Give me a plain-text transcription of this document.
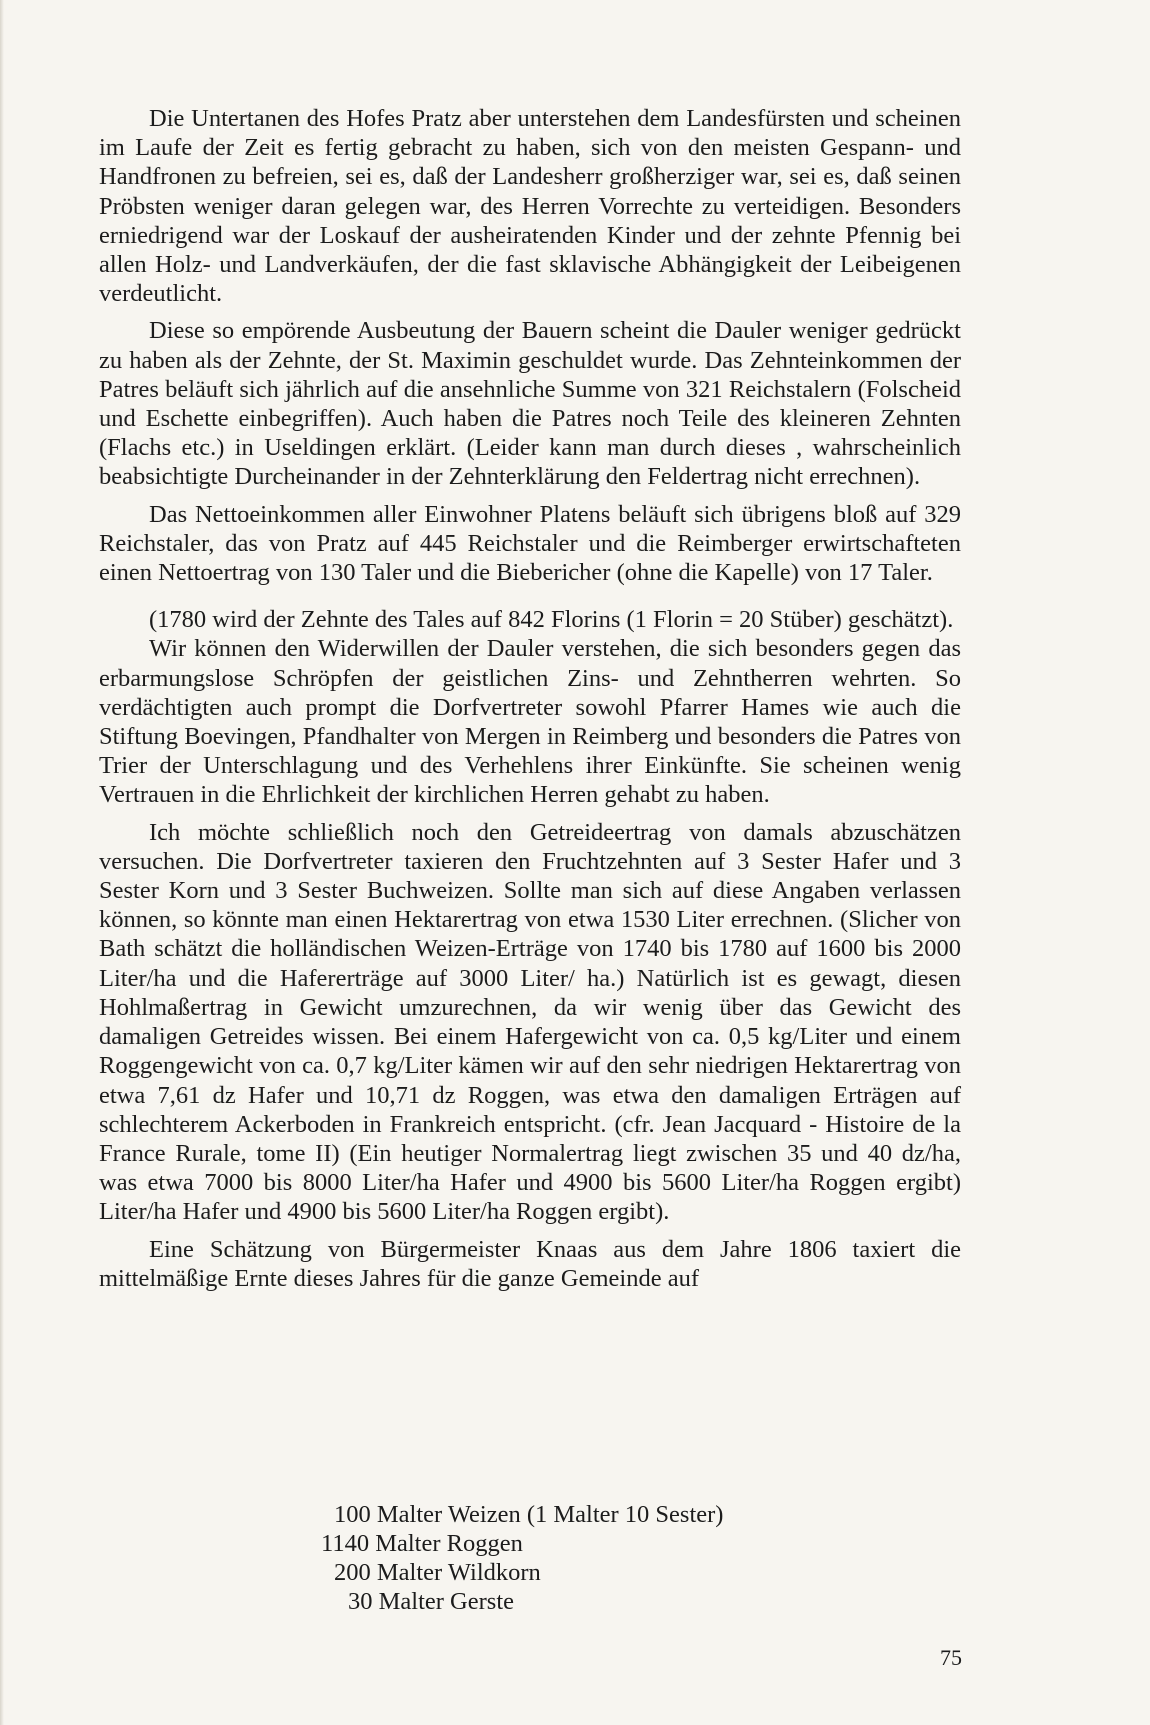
Die Untertanen des Hofes Pratz aber unterstehen dem Landesfürsten und scheinen im Laufe der Zeit es fertig gebracht zu haben, sich von den meisten Gespann- und Handfronen zu befreien, sei es, daß der Landesherr großherziger war, sei es, daß seinen Pröbsten weniger daran gelegen war, des Herren Vorrechte zu verteidigen. Besonders erniedrigend war der Loskauf der ausheiratenden Kinder und der zehnte Pfennig bei allen Holz- und Landverkäufen, der die fast sklavische Abhängigkeit der Leibeigenen verdeutlicht.

Diese so empörende Ausbeutung der Bauern scheint die Dauler weniger gedrückt zu haben als der Zehnte, der St. Maximin geschuldet wurde. Das Zehnteinkommen der Patres beläuft sich jährlich auf die ansehnliche Summe von 321 Reichstalern (Folscheid und Eschette einbegriffen). Auch haben die Patres noch Teile des kleineren Zehnten (Flachs etc.) in Useldingen erklärt. (Leider kann man durch dieses , wahrscheinlich beabsichtigte Durcheinander in der Zehnterklärung den Feldertrag nicht errechnen).

Das Nettoeinkommen aller Einwohner Platens beläuft sich übrigens bloß auf 329 Reichstaler, das von Pratz auf 445 Reichstaler und die Reimberger erwirtschafteten einen Nettoertrag von 130 Taler und die Biebericher (ohne die Kapelle) von 17 Taler.

(1780 wird der Zehnte des Tales auf 842 Florins (1 Florin = 20 Stüber) geschätzt).

Wir können den Widerwillen der Dauler verstehen, die sich besonders gegen das erbarmungslose Schröpfen der geistlichen Zins- und Zehntherren wehrten. So verdächtigten auch prompt die Dorfvertreter sowohl Pfarrer Hames wie auch die Stiftung Boevingen, Pfandhalter von Mergen in Reimberg und besonders die Patres von Trier der Unterschlagung und des Verhehlens ihrer Einkünfte. Sie scheinen wenig Vertrauen in die Ehrlichkeit der kirchlichen Herren gehabt zu haben.

Ich möchte schließlich noch den Getreideertrag von damals abzuschätzen versuchen. Die Dorfvertreter taxieren den Fruchtzehnten auf 3 Sester Hafer und 3 Sester Korn und 3 Sester Buchweizen. Sollte man sich auf diese Angaben verlassen können, so könnte man einen Hektarertrag von etwa 1530 Liter errechnen. (Slicher von Bath schätzt die holländischen Weizen-Erträge von 1740 bis 1780 auf 1600 bis 2000 Liter/ha und die Hafererträge auf 3000 Liter/ ha.) Natürlich ist es gewagt, diesen Hohlmaßertrag in Gewicht umzurechnen, da wir wenig über das Gewicht des damaligen Getreides wissen. Bei einem Hafergewicht von ca. 0,5 kg/Liter und einem Roggengewicht von ca. 0,7 kg/Liter kämen wir auf den sehr niedrigen Hektarertrag von etwa 7,61 dz Hafer und 10,71 dz Roggen, was etwa den damaligen Erträgen auf schlechterem Ackerboden in Frankreich entspricht. (cfr. Jean Jacquard - Histoire de la France Rurale, tome II) (Ein heutiger Normalertrag liegt zwischen 35 und 40 dz/ha, was etwa 7000 bis 8000 Liter/ha Hafer und 4900 bis 5600 Liter/ha Roggen ergibt) Liter/ha Hafer und 4900 bis 5600 Liter/ha Roggen ergibt).

Eine Schätzung von Bürgermeister Knaas aus dem Jahre 1806 taxiert die mittelmäßige Ernte dieses Jahres für die ganze Gemeinde auf

100 Malter Weizen (1 Malter 10 Sester)
1140 Malter Roggen
200 Malter Wildkorn
30 Malter Gerste
75
